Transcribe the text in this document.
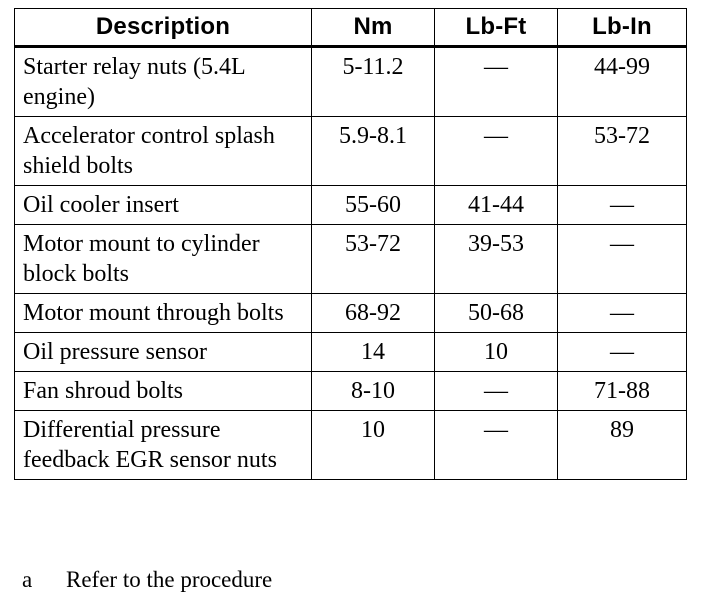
Description	Nm	Lb-Ft	Lb-In
Starter relay nuts (5.4L engine)	5-11.2	—	44-99
Accelerator control splash shield bolts	5.9-8.1	—	53-72
Oil cooler insert	55-60	41-44	—
Motor mount to cylinder block bolts	53-72	39-53	—
Motor mount through bolts	68-92	50-68	—
Oil pressure sensor	14	10	—
Fan shroud bolts	8-10	—	71-88
Differential pressure feedback EGR sensor nuts	10	—	89
a Refer to the procedure
